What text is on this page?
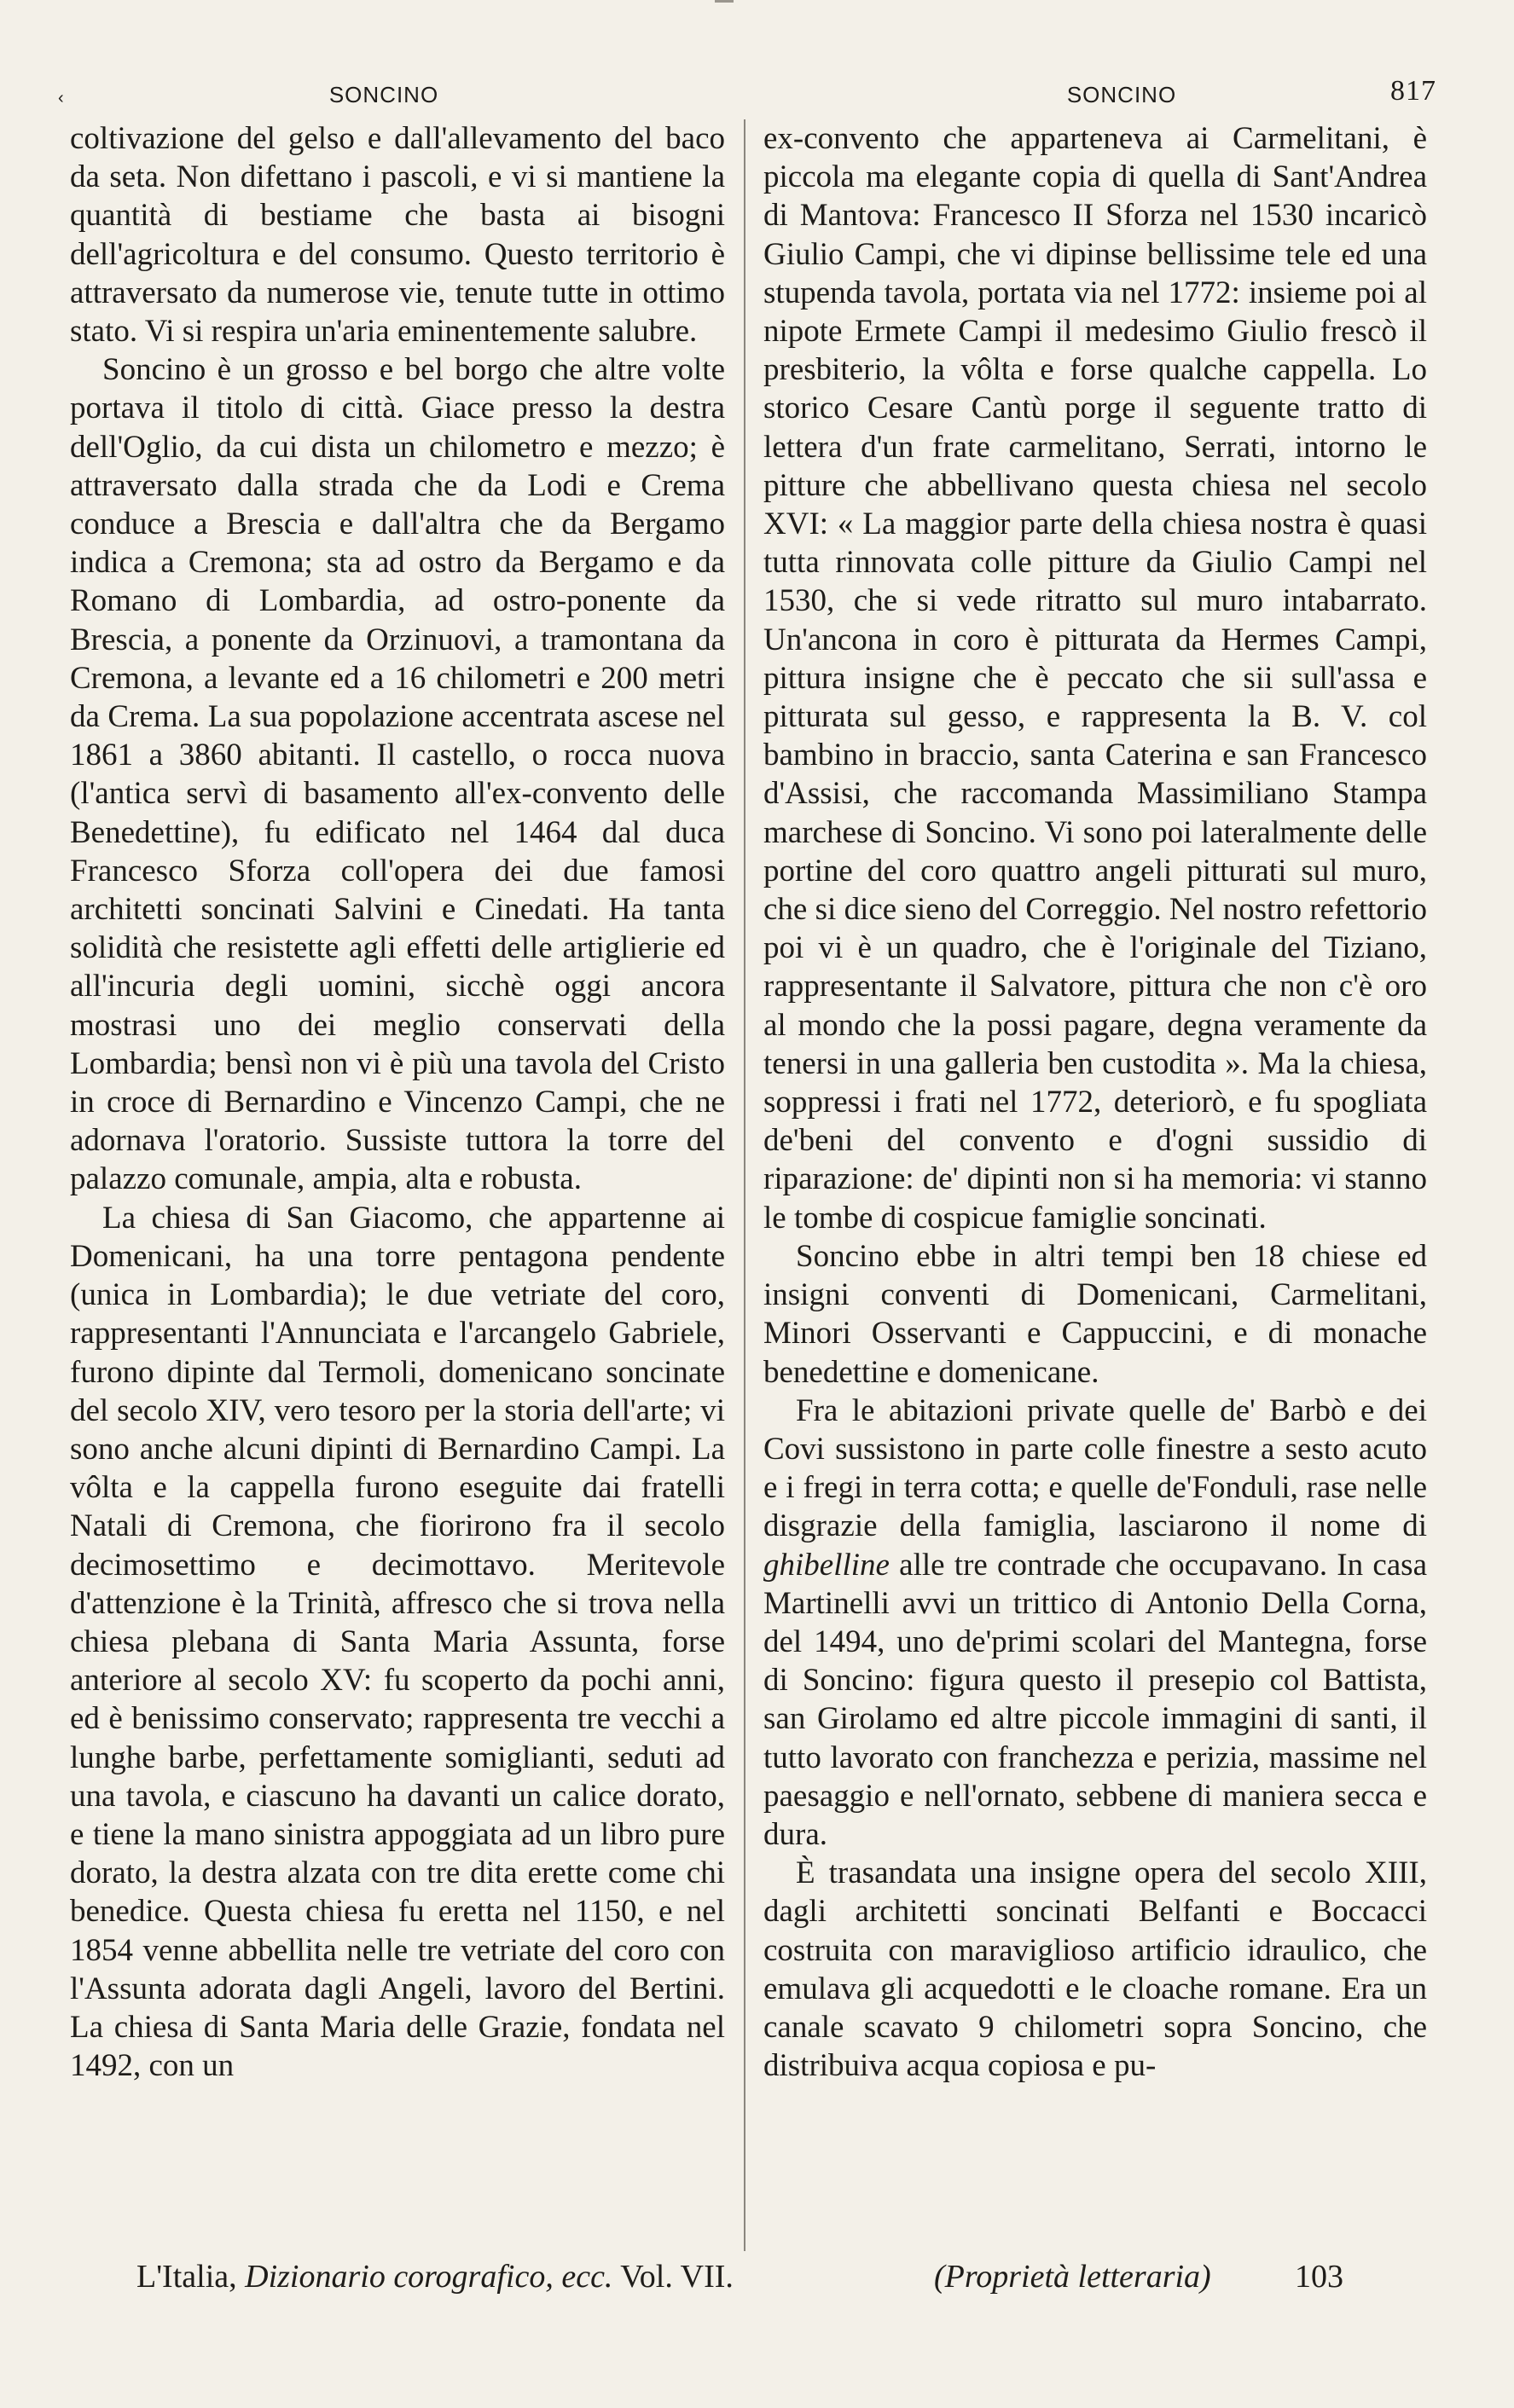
‹	SONCINO	SONCINO	817

coltivazione del gelso e dall'allevamento del baco da seta. Non difettano i pascoli, e vi si mantiene la quantità di bestiame che basta ai bisogni dell'agricoltura e del consumo. Questo territorio è attraversato da numerose vie, tenute tutte in ottimo stato. Vi si respira un'aria eminentemente salubre.

Soncino è un grosso e bel borgo che altre volte portava il titolo di città. Giace presso la destra dell'Oglio, da cui dista un chilometro e mezzo; è attraversato dalla strada che da Lodi e Crema conduce a Brescia e dall'altra che da Bergamo indica a Cremona; sta ad ostro da Bergamo e da Romano di Lombardia, ad ostro-ponente da Brescia, a ponente da Orzinuovi, a tramontana da Cremona, a levante ed a 16 chilometri e 200 metri da Crema. La sua popolazione accentrata ascese nel 1861 a 3860 abitanti. Il castello, o rocca nuova (l'antica servì di basamento all'ex-convento delle Benedettine), fu edificato nel 1464 dal duca Francesco Sforza coll'opera dei due famosi architetti soncinati Salvini e Cinedati. Ha tanta solidità che resistette agli effetti delle artiglierie ed all'incuria degli uomini, sicchè oggi ancora mostrasi uno dei meglio conservati della Lombardia; bensì non vi è più una tavola del Cristo in croce di Bernardino e Vincenzo Campi, che ne adornava l'oratorio. Sussiste tuttora la torre del palazzo comunale, ampia, alta e robusta.

La chiesa di San Giacomo, che appartenne ai Domenicani, ha una torre pentagona pendente (unica in Lombardia); le due vetriate del coro, rappresentanti l'Annunciata e l'arcangelo Gabriele, furono dipinte dal Termoli, domenicano soncinate del secolo XIV, vero tesoro per la storia dell'arte; vi sono anche alcuni dipinti di Bernardino Campi. La vôlta e la cappella furono eseguite dai fratelli Natali di Cremona, che fiorirono fra il secolo decimosettimo e decimottavo. Meritevole d'attenzione è la Trinità, affresco che si trova nella chiesa plebana di Santa Maria Assunta, forse anteriore al secolo XV: fu scoperto da pochi anni, ed è benissimo conservato; rappresenta tre vecchi a lunghe barbe, perfettamente somiglianti, seduti ad una tavola, e ciascuno ha davanti un calice dorato, e tiene la mano sinistra appoggiata ad un libro pure dorato, la destra alzata con tre dita erette come chi benedice. Questa chiesa fu eretta nel 1150, e nel 1854 venne abbellita nelle tre vetriate del coro con l'Assunta adorata dagli Angeli, lavoro del Bertini. La chiesa di Santa Maria delle Grazie, fondata nel 1492, con un

ex-convento che apparteneva ai Carmelitani, è piccola ma elegante copia di quella di Sant'Andrea di Mantova: Francesco II Sforza nel 1530 incaricò Giulio Campi, che vi dipinse bellissime tele ed una stupenda tavola, portata via nel 1772: insieme poi al nipote Ermete Campi il medesimo Giulio frescò il presbiterio, la vôlta e forse qualche cappella. Lo storico Cesare Cantù porge il seguente tratto di lettera d'un frate carmelitano, Serrati, intorno le pitture che abbellivano questa chiesa nel secolo XVI: « La maggior parte della chiesa nostra è quasi tutta rinnovata colle pitture da Giulio Campi nel 1530, che si vede ritratto sul muro intabarrato. Un'ancona in coro è pitturata da Hermes Campi, pittura insigne che è peccato che sii sull'assa e pitturata sul gesso, e rappresenta la B. V. col bambino in braccio, santa Caterina e san Francesco d'Assisi, che raccomanda Massimiliano Stampa marchese di Soncino. Vi sono poi lateralmente delle portine del coro quattro angeli pitturati sul muro, che si dice sieno del Correggio. Nel nostro refettorio poi vi è un quadro, che è l'originale del Tiziano, rappresentante il Salvatore, pittura che non c'è oro al mondo che la possi pagare, degna veramente da tenersi in una galleria ben custodita ». Ma la chiesa, soppressi i frati nel 1772, deteriorò, e fu spogliata de'beni del convento e d'ogni sussidio di riparazione: de' dipinti non si ha memoria: vi stanno le tombe di cospicue famiglie soncinati.

Soncino ebbe in altri tempi ben 18 chiese ed insigni conventi di Domenicani, Carmelitani, Minori Osservanti e Cappuccini, e di monache benedettine e domenicane.

Fra le abitazioni private quelle de' Barbò e dei Covi sussistono in parte colle finestre a sesto acuto e i fregi in terra cotta; e quelle de'Fonduli, rase nelle disgrazie della famiglia, lasciarono il nome di ghibelline alle tre contrade che occupavano. In casa Martinelli avvi un trittico di Antonio Della Corna, del 1494, uno de'primi scolari del Mantegna, forse di Soncino: figura questo il presepio col Battista, san Girolamo ed altre piccole immagini di santi, il tutto lavorato con franchezza e perizia, massime nel paesaggio e nell'ornato, sebbene di maniera secca e dura.

È trasandata una insigne opera del secolo XIII, dagli architetti soncinati Belfanti e Boccacci costruita con maraviglioso artificio idraulico, che emulava gli acquedotti e le cloache romane. Era un canale scavato 9 chilometri sopra Soncino, che distribuiva acqua copiosa e pu-

L'Italia, Dizionario corografico, ecc. Vol. VII.	(Proprietà letteraria)	103
